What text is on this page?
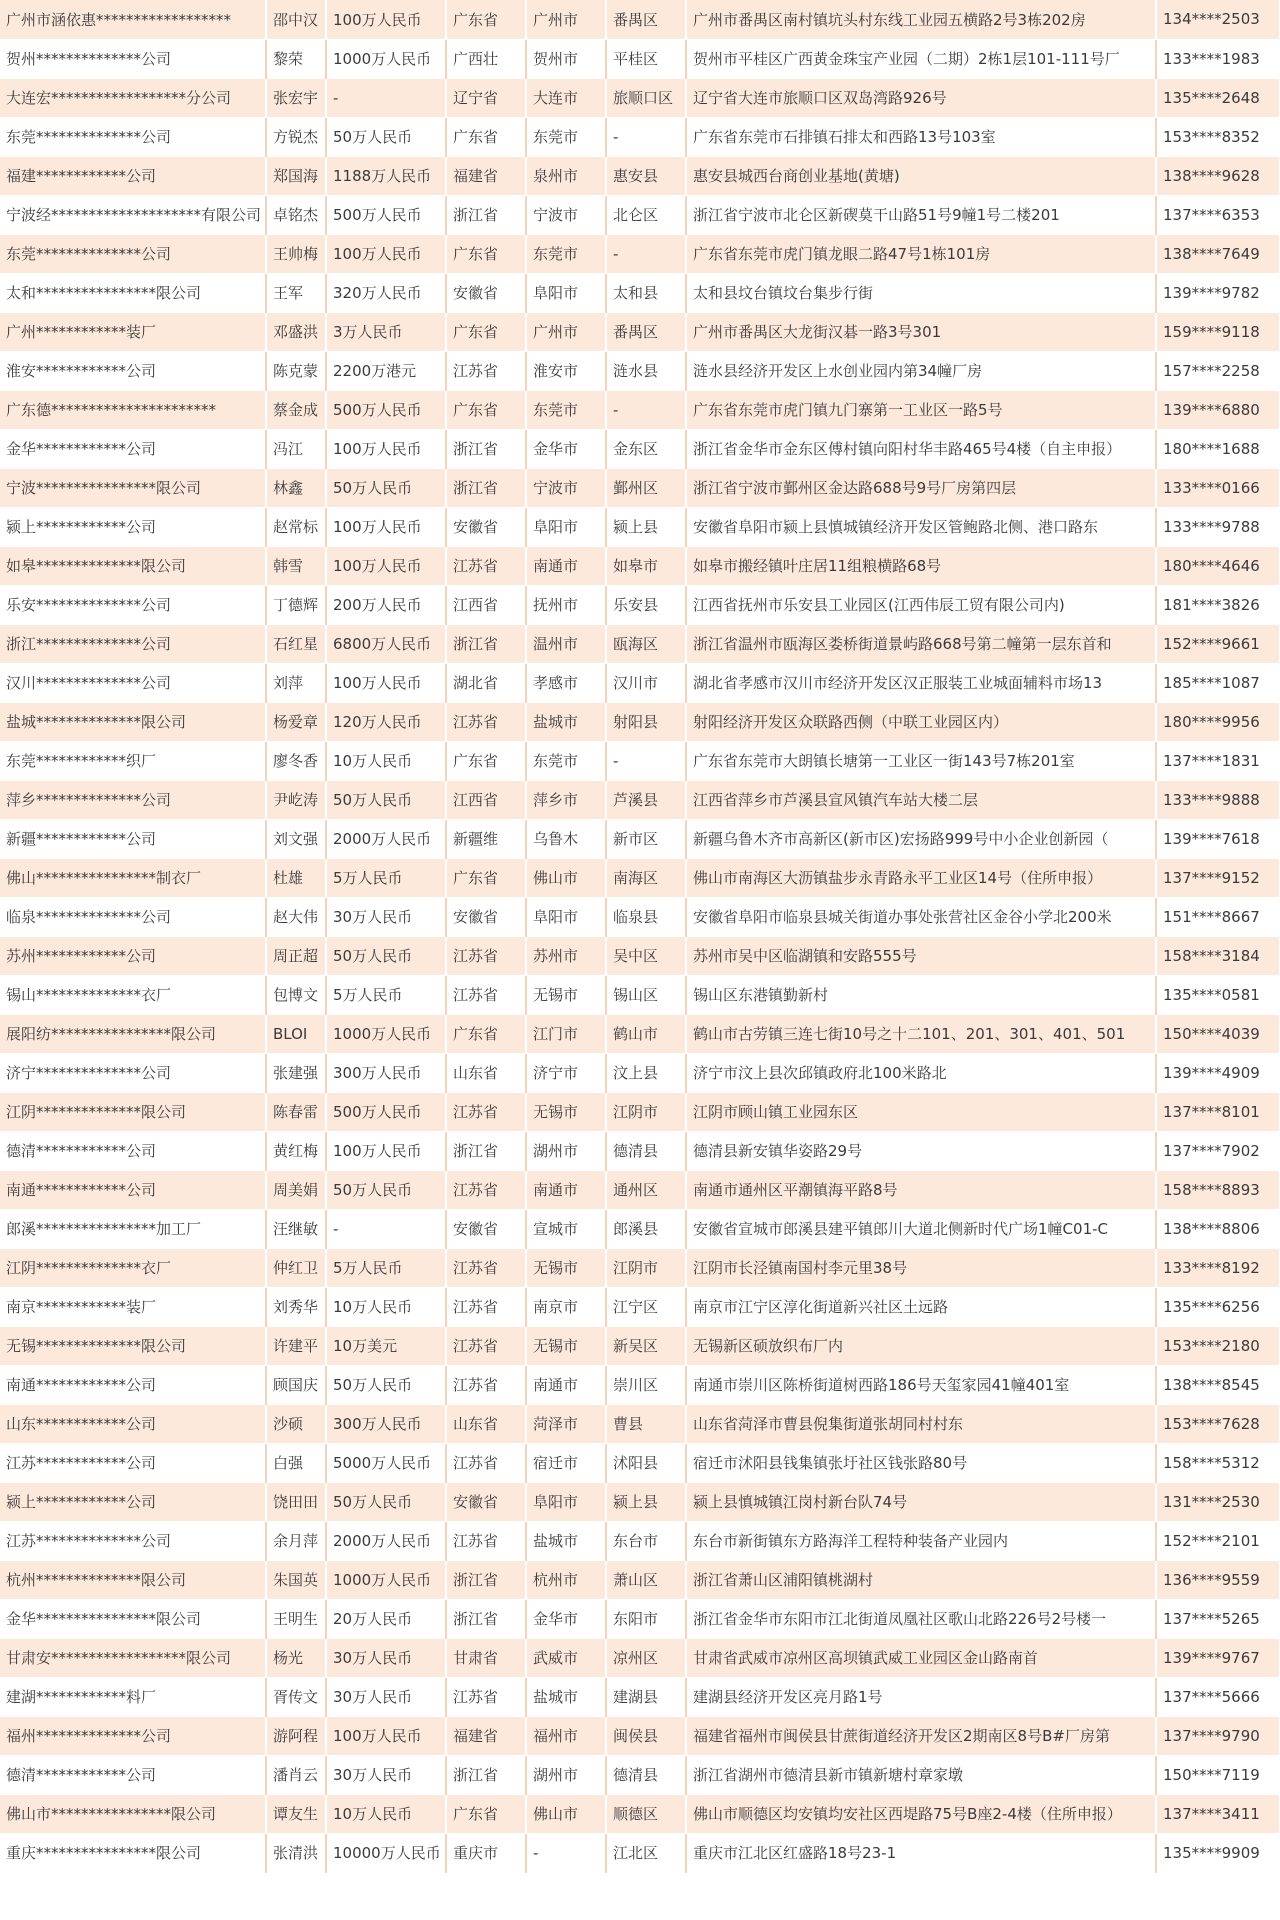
广州市涵依惠******************	邵中汉	100万人民币	广东省	广州市	番禺区	广州市番禺区南村镇坑头村东线工业园五横路2号3栋202房	134****2503
贺州**************公司	黎荣	1000万人民币	广西壮	贺州市	平桂区	贺州市平桂区广西黄金珠宝产业园（二期）2栋1层101-111号厂	133****1983
大连宏******************分公司	张宏宇	-	辽宁省	大连市	旅顺口区	辽宁省大连市旅顺口区双岛湾路926号	135****2648
东莞**************公司	方锐杰	50万人民币	广东省	东莞市	-	广东省东莞市石排镇石排太和西路13号103室	153****8352
福建************公司	郑国海	1188万人民币	福建省	泉州市	惠安县	惠安县城西台商创业基地(黄塘)	138****9628
宁波经********************有限公司	卓铭杰	500万人民币	浙江省	宁波市	北仑区	浙江省宁波市北仑区新碶莫干山路51号9幢1号二楼201	137****6353
东莞**************公司	王帅梅	100万人民币	广东省	东莞市	-	广东省东莞市虎门镇龙眼二路47号1栋101房	138****7649
太和****************限公司	王军	320万人民币	安徽省	阜阳市	太和县	太和县坟台镇坟台集步行街	139****9782
广州************装厂	邓盛洪	3万人民币	广东省	广州市	番禺区	广州市番禺区大龙街汉碁一路3号301	159****9118
淮安************公司	陈克蒙	2200万港元	江苏省	淮安市	涟水县	涟水县经济开发区上水创业园内第34幢厂房	157****2258
广东德**********************	蔡金成	500万人民币	广东省	东莞市	-	广东省东莞市虎门镇九门寨第一工业区一路5号	139****6880
金华************公司	冯江	100万人民币	浙江省	金华市	金东区	浙江省金华市金东区傅村镇向阳村华丰路465号4楼（自主申报）	180****1688
宁波****************限公司	林鑫	50万人民币	浙江省	宁波市	鄞州区	浙江省宁波市鄞州区金达路688号9号厂房第四层	133****0166
颍上************公司	赵常标	100万人民币	安徽省	阜阳市	颍上县	安徽省阜阳市颍上县慎城镇经济开发区管鲍路北侧、港口路东	133****9788
如皋**************限公司	韩雪	100万人民币	江苏省	南通市	如皋市	如皋市搬经镇叶庄居11组粮横路68号	180****4646
乐安**************公司	丁德辉	200万人民币	江西省	抚州市	乐安县	江西省抚州市乐安县工业园区(江西伟辰工贸有限公司内)	181****3826
浙江**************公司	石红星	6800万人民币	浙江省	温州市	瓯海区	浙江省温州市瓯海区娄桥街道景屿路668号第二幢第一层东首和	152****9661
汉川**************公司	刘萍	100万人民币	湖北省	孝感市	汉川市	湖北省孝感市汉川市经济开发区汉正服装工业城面辅料市场13	185****1087
盐城**************限公司	杨爱章	120万人民币	江苏省	盐城市	射阳县	射阳经济开发区众联路西侧（中联工业园区内）	180****9956
东莞************织厂	廖冬香	10万人民币	广东省	东莞市	-	广东省东莞市大朗镇长塘第一工业区一街143号7栋201室	137****1831
萍乡**************公司	尹屹涛	50万人民币	江西省	萍乡市	芦溪县	江西省萍乡市芦溪县宣风镇汽车站大楼二层	133****9888
新疆************公司	刘文强	2000万人民币	新疆维	乌鲁木	新市区	新疆乌鲁木齐市高新区(新市区)宏扬路999号中小企业创新园（	139****7618
佛山****************制衣厂	杜雄	5万人民币	广东省	佛山市	南海区	佛山市南海区大沥镇盐步永青路永平工业区14号（住所申报）	137****9152
临泉**************公司	赵大伟	30万人民币	安徽省	阜阳市	临泉县	安徽省阜阳市临泉县城关街道办事处张营社区金谷小学北200米	151****8667
苏州************公司	周正超	50万人民币	江苏省	苏州市	吴中区	苏州市吴中区临湖镇和安路555号	158****3184
锡山**************衣厂	包博文	5万人民币	江苏省	无锡市	锡山区	锡山区东港镇勤新村	135****0581
展阳纺****************限公司	BLOI	1000万人民币	广东省	江门市	鹤山市	鹤山市古劳镇三连七街10号之十二101、201、301、401、501	150****4039
济宁**************公司	张建强	300万人民币	山东省	济宁市	汶上县	济宁市汶上县次邱镇政府北100米路北	139****4909
江阴**************限公司	陈春雷	500万人民币	江苏省	无锡市	江阴市	江阴市顾山镇工业园东区	137****8101
德清************公司	黄红梅	100万人民币	浙江省	湖州市	德清县	德清县新安镇华姿路29号	137****7902
南通************公司	周美娟	50万人民币	江苏省	南通市	通州区	南通市通州区平潮镇海平路8号	158****8893
郎溪****************加工厂	汪继敏	-	安徽省	宣城市	郎溪县	安徽省宣城市郎溪县建平镇郎川大道北侧新时代广场1幢C01-C	138****8806
江阴**************衣厂	仲红卫	5万人民币	江苏省	无锡市	江阴市	江阴市长泾镇南国村李元里38号	133****8192
南京************装厂	刘秀华	10万人民币	江苏省	南京市	江宁区	南京市江宁区淳化街道新兴社区土远路	135****6256
无锡**************限公司	许建平	10万美元	江苏省	无锡市	新吴区	无锡新区硕放织布厂内	153****2180
南通************公司	顾国庆	50万人民币	江苏省	南通市	崇川区	南通市崇川区陈桥街道树西路186号天玺家园41幢401室	138****8545
山东************公司	沙硕	300万人民币	山东省	菏泽市	曹县	山东省菏泽市曹县倪集街道张胡同村村东	153****7628
江苏************公司	白强	5000万人民币	江苏省	宿迁市	沭阳县	宿迁市沭阳县钱集镇张圩社区钱张路80号	158****5312
颍上************公司	饶田田	50万人民币	安徽省	阜阳市	颍上县	颍上县慎城镇江岗村新台队74号	131****2530
江苏**************公司	余月萍	2000万人民币	江苏省	盐城市	东台市	东台市新街镇东方路海洋工程特种装备产业园内	152****2101
杭州**************限公司	朱国英	1000万人民币	浙江省	杭州市	萧山区	浙江省萧山区浦阳镇桃湖村	136****9559
金华****************限公司	王明生	20万人民币	浙江省	金华市	东阳市	浙江省金华市东阳市江北街道凤凰社区歌山北路226号2号楼一	137****5265
甘肃安******************限公司	杨光	30万人民币	甘肃省	武威市	凉州区	甘肃省武威市凉州区高坝镇武威工业园区金山路南首	139****9767
建湖************料厂	胥传文	30万人民币	江苏省	盐城市	建湖县	建湖县经济开发区亮月路1号	137****5666
福州**************公司	游阿程	100万人民币	福建省	福州市	闽侯县	福建省福州市闽侯县甘蔗街道经济开发区2期南区8号B#厂房第	137****9790
德清************公司	潘肖云	30万人民币	浙江省	湖州市	德清县	浙江省湖州市德清县新市镇新塘村章家墩	150****7119
佛山市****************限公司	谭友生	10万人民币	广东省	佛山市	顺德区	佛山市顺德区均安镇均安社区西堤路75号B座2-4楼（住所申报）	137****3411
重庆****************限公司	张清洪	10000万人民币	重庆市	-	江北区	重庆市江北区红盛路18号23-1	135****9909
